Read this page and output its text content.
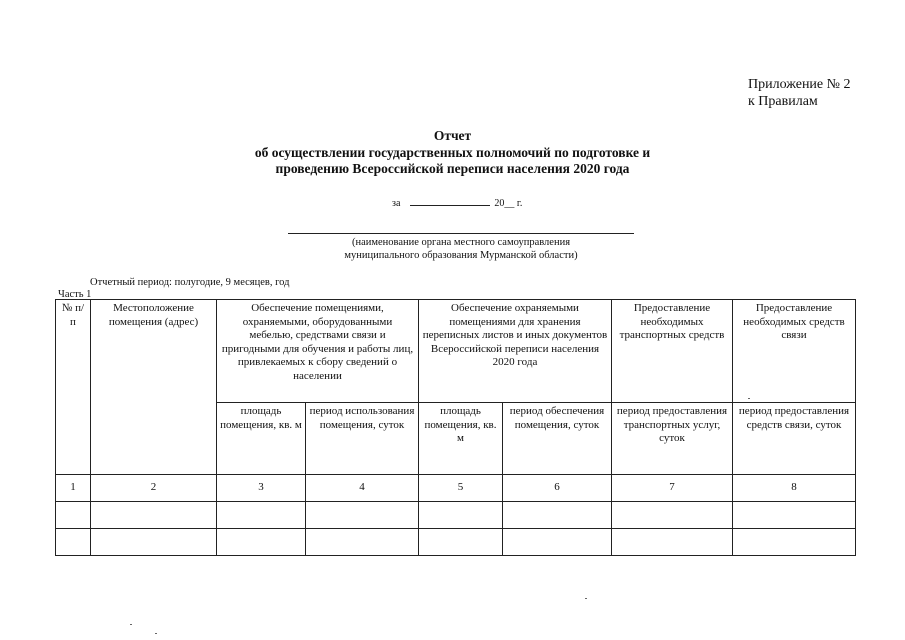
Приложение № 2
к Правилам
Отчет
об осуществлении государственных полномочий по подготовке и
проведению Всероссийской переписи населения 2020 года
за	20__ г.
(наименование органа местного самоуправления
муниципального образования Мурманской области)
Отчетный период: полугодие, 9 месяцев, год
Часть 1
№ п/п	Местоположение помещения (адрес)	Обеспечение помещениями, охраняемыми, оборудованными мебелью, средствами связи и пригодными для обучения и работы лиц, привлекаемых к сбору сведений о населении		Обеспечение охраняемыми помещениями для хранения переписных листов и иных документов Всероссийской переписи населения 2020 года		Предоставление необходимых транспортных средств	Предоставление необходимых средств связи
		площадь помещения, кв. м	период использования помещения, суток	площадь помещения, кв. м	период обеспечения помещения, суток	период предоставления транспортных услуг, суток	период предоставления средств связи, суток
1	2	3	4	5	6	7	8
